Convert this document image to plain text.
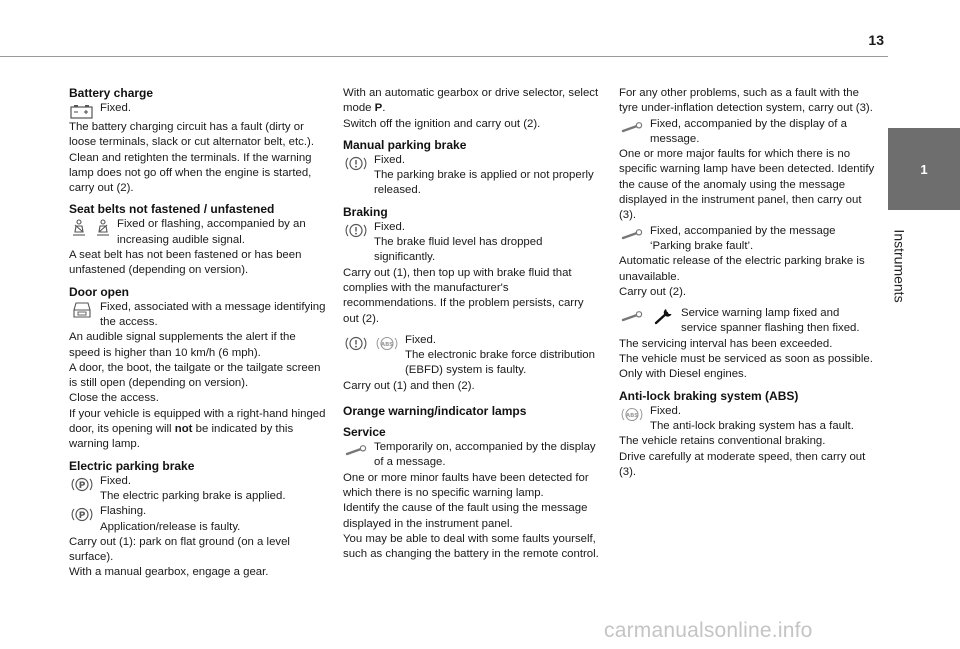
13
1
Instruments
Battery charge

Fixed.

The battery charging circuit has a fault (dirty or loose terminals, slack or cut alternator belt, etc.).

Clean and retighten the terminals. If the warning lamp does not go off when the engine is started, carry out (2).

Seat belts not fastened / unfastened

Fixed or flashing, accompanied by an increasing audible signal.

A seat belt has not been fastened or has been unfastened (depending on version).

Door open

Fixed, associated with a message identifying the access.

An audible signal supplements the alert if the speed is higher than 10 km/h (6 mph).

A door, the boot, the tailgate or the tailgate screen is still open (depending on version).

Close the access.

If your vehicle is equipped with a right-hand hinged door, its opening will not be indicated by this warning lamp.

Electric parking brake
P Fixed.

The electric parking brake is applied.

P Flashing.

Application/release is faulty.

Carry out (1): park on flat ground (on a level surface).

With a manual gearbox, engage a gear.

With an automatic gearbox or drive selector, select mode P.

Switch off the ignition and carry out (2).

Manual parking brake

Fixed.

The parking brake is applied or not properly released.

Braking

Fixed.

The brake fluid level has dropped significantly.

Carry out (1), then top up with brake fluid that complies with the manufacturer's recommendations. If the problem persists, carry out (2).

ABS Fixed.

The electronic brake force distribution (EBFD) system is faulty.

Carry out (1) and then (2).

Orange warning/indicator lamps
Service

Temporarily on, accompanied by the display of a message.

One or more minor faults have been detected for which there is no specific warning lamp.

Identify the cause of the fault using the message displayed in the instrument panel.

You may be able to deal with some faults yourself, such as changing the battery in the remote control.

For any other problems, such as a fault with the tyre under-inflation detection system, carry out (3).

Fixed, accompanied by the display of a message.

One or more major faults for which there is no specific warning lamp have been detected. Identify the cause of the anomaly using the message displayed in the instrument panel, then carry out (3).

Fixed, accompanied by the message ‘Parking brake fault’.

Automatic release of the electric parking brake is unavailable.

Carry out (2).

Service warning lamp fixed and service spanner flashing then fixed.

The servicing interval has been exceeded.

The vehicle must be serviced as soon as possible.

Only with Diesel engines.

Anti-lock braking system (ABS)
ABS Fixed.

The anti-lock braking system has a fault.

The vehicle retains conventional braking.

Drive carefully at moderate speed, then carry out (3).

carmanualsonline.info
